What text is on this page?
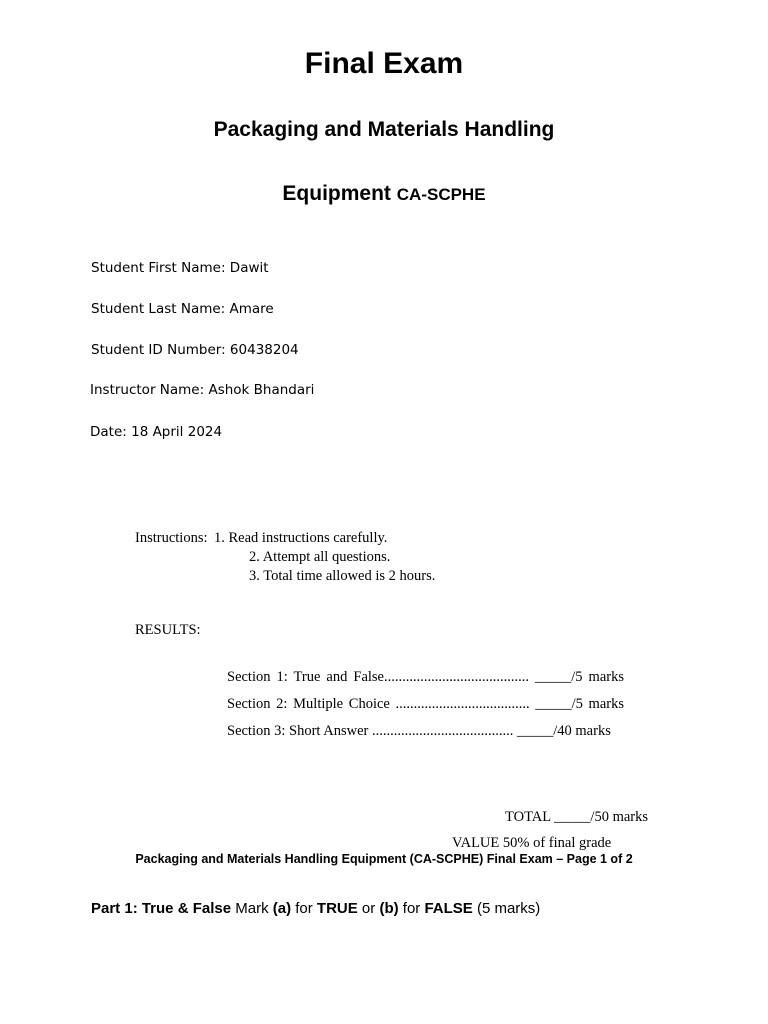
Final Exam
Packaging and Materials Handling
Equipment CA-SCPHE
Student First Name: Dawit
Student Last Name: Amare
Student ID Number: 60438204
Instructor Name: Ashok Bhandari
Date: 18 April 2024
Instructions: 1. Read instructions carefully.
2. Attempt all questions.
3. Total time allowed is 2 hours.
RESULTS:
Section 1: True and False........................................ _____/5 marks Section 2: Multiple Choice ..................................... _____/5 marks Section 3: Short Answer ....................................... _____/40 marks
TOTAL _____/50 marks
VALUE 50% of final grade
Packaging and Materials Handling Equipment (CA-SCPHE) Final Exam – Page 1 of 2
Part 1: True & False Mark (a) for TRUE or (b) for FALSE (5 marks)
